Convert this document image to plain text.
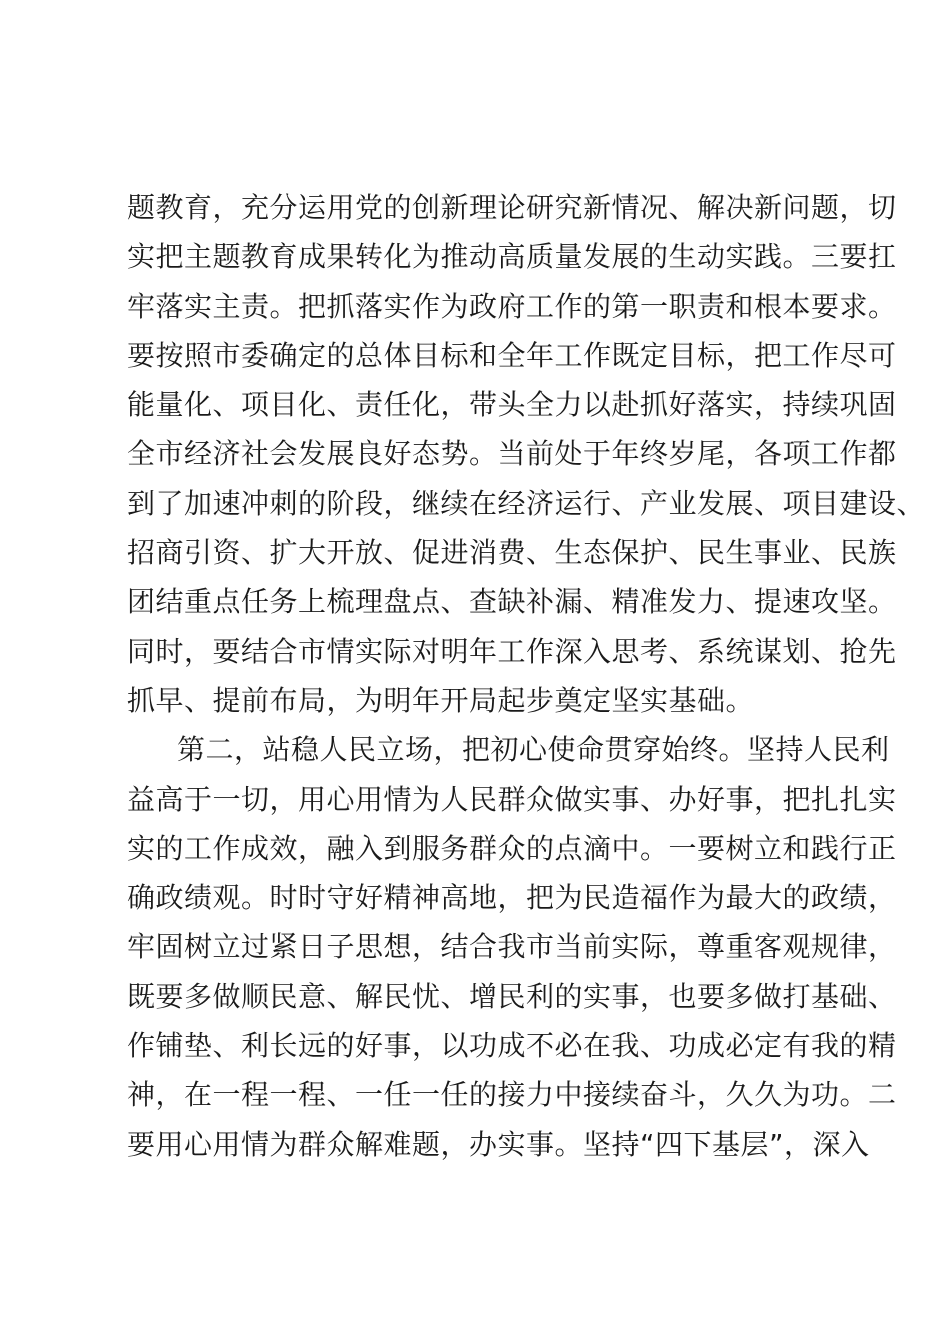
题教育，充分运用党的创新理论研究新情况、解决新问题，切
实把主题教育成果转化为推动高质量发展的生动实践。三要扛
牢落实主责。把抓落实作为政府工作的第一职责和根本要求。
要按照市委确定的总体目标和全年工作既定目标，把工作尽可
能量化、项目化、责任化，带头全力以赴抓好落实，持续巩固
全市经济社会发展良好态势。当前处于年终岁尾，各项工作都
到了加速冲刺的阶段，继续在经济运行、产业发展、项目建设、
招商引资、扩大开放、促进消费、生态保护、民生事业、民族
团结重点任务上梳理盘点、查缺补漏、精准发力、提速攻坚。
同时，要结合市情实际对明年工作深入思考、系统谋划、抢先
抓早、提前布局，为明年开局起步奠定坚实基础。
第二，站稳人民立场，把初心使命贯穿始终。坚持人民利
益高于一切，用心用情为人民群众做实事、办好事，把扎扎实
实的工作成效，融入到服务群众的点滴中。一要树立和践行正
确政绩观。时时守好精神高地，把为民造福作为最大的政绩，
牢固树立过紧日子思想，结合我市当前实际，尊重客观规律，
既要多做顺民意、解民忧、增民利的实事，也要多做打基础、
作铺垫、利长远的好事，以功成不必在我、功成必定有我的精
神，在一程一程、一任一任的接力中接续奋斗，久久为功。二
要用心用情为群众解难题，办实事。坚持“四下基层”，深入
